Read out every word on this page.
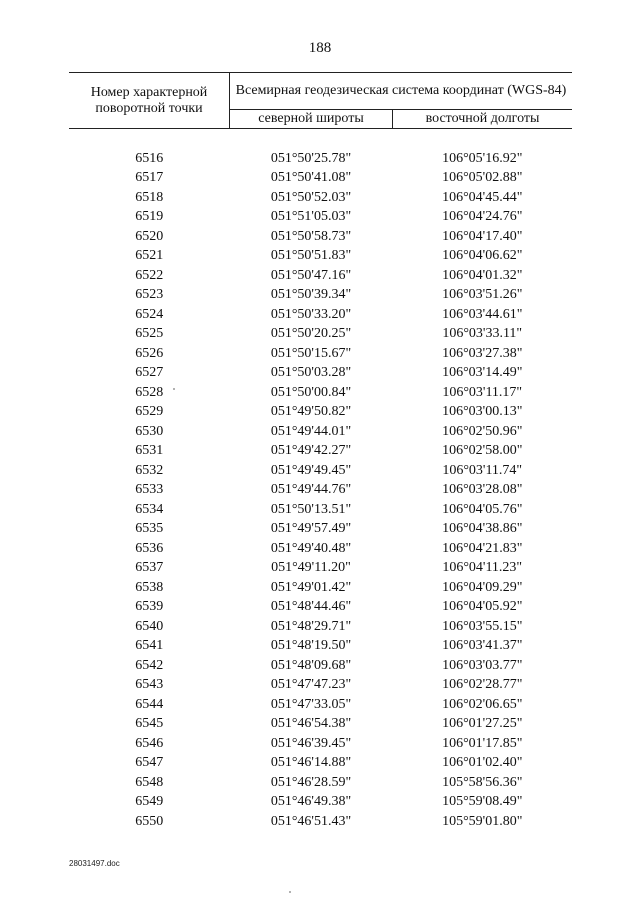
188
Номер характерной поворотной точки	Всемирная геодезическая система координат (WGS-84)	
	северной широты	восточной долготы

6516	051°50'25.78"	106°05'16.92"
6517	051°50'41.08"	106°05'02.88"
6518	051°50'52.03"	106°04'45.44"
6519	051°51'05.03"	106°04'24.76"
6520	051°50'58.73"	106°04'17.40"
6521	051°50'51.83"	106°04'06.62"
6522	051°50'47.16"	106°04'01.32"
6523	051°50'39.34"	106°03'51.26"
6524	051°50'33.20"	106°03'44.61"
6525	051°50'20.25"	106°03'33.11"
6526	051°50'15.67"	106°03'27.38"
6527	051°50'03.28"	106°03'14.49"
6528	051°50'00.84"	106°03'11.17"
6529	051°49'50.82"	106°03'00.13"
6530	051°49'44.01"	106°02'50.96"
6531	051°49'42.27"	106°02'58.00"
6532	051°49'49.45"	106°03'11.74"
6533	051°49'44.76"	106°03'28.08"
6534	051°50'13.51"	106°04'05.76"
6535	051°49'57.49"	106°04'38.86"
6536	051°49'40.48"	106°04'21.83"
6537	051°49'11.20"	106°04'11.23"
6538	051°49'01.42"	106°04'09.29"
6539	051°48'44.46"	106°04'05.92"
6540	051°48'29.71"	106°03'55.15"
6541	051°48'19.50"	106°03'41.37"
6542	051°48'09.68"	106°03'03.77"
6543	051°47'47.23"	106°02'28.77"
6544	051°47'33.05"	106°02'06.65"
6545	051°46'54.38"	106°01'27.25"
6546	051°46'39.45"	106°01'17.85"
6547	051°46'14.88"	106°01'02.40"
6548	051°46'28.59"	105°58'56.36"
6549	051°46'49.38"	105°59'08.49"
6550	051°46'51.43"	105°59'01.80"
28031497.doc
